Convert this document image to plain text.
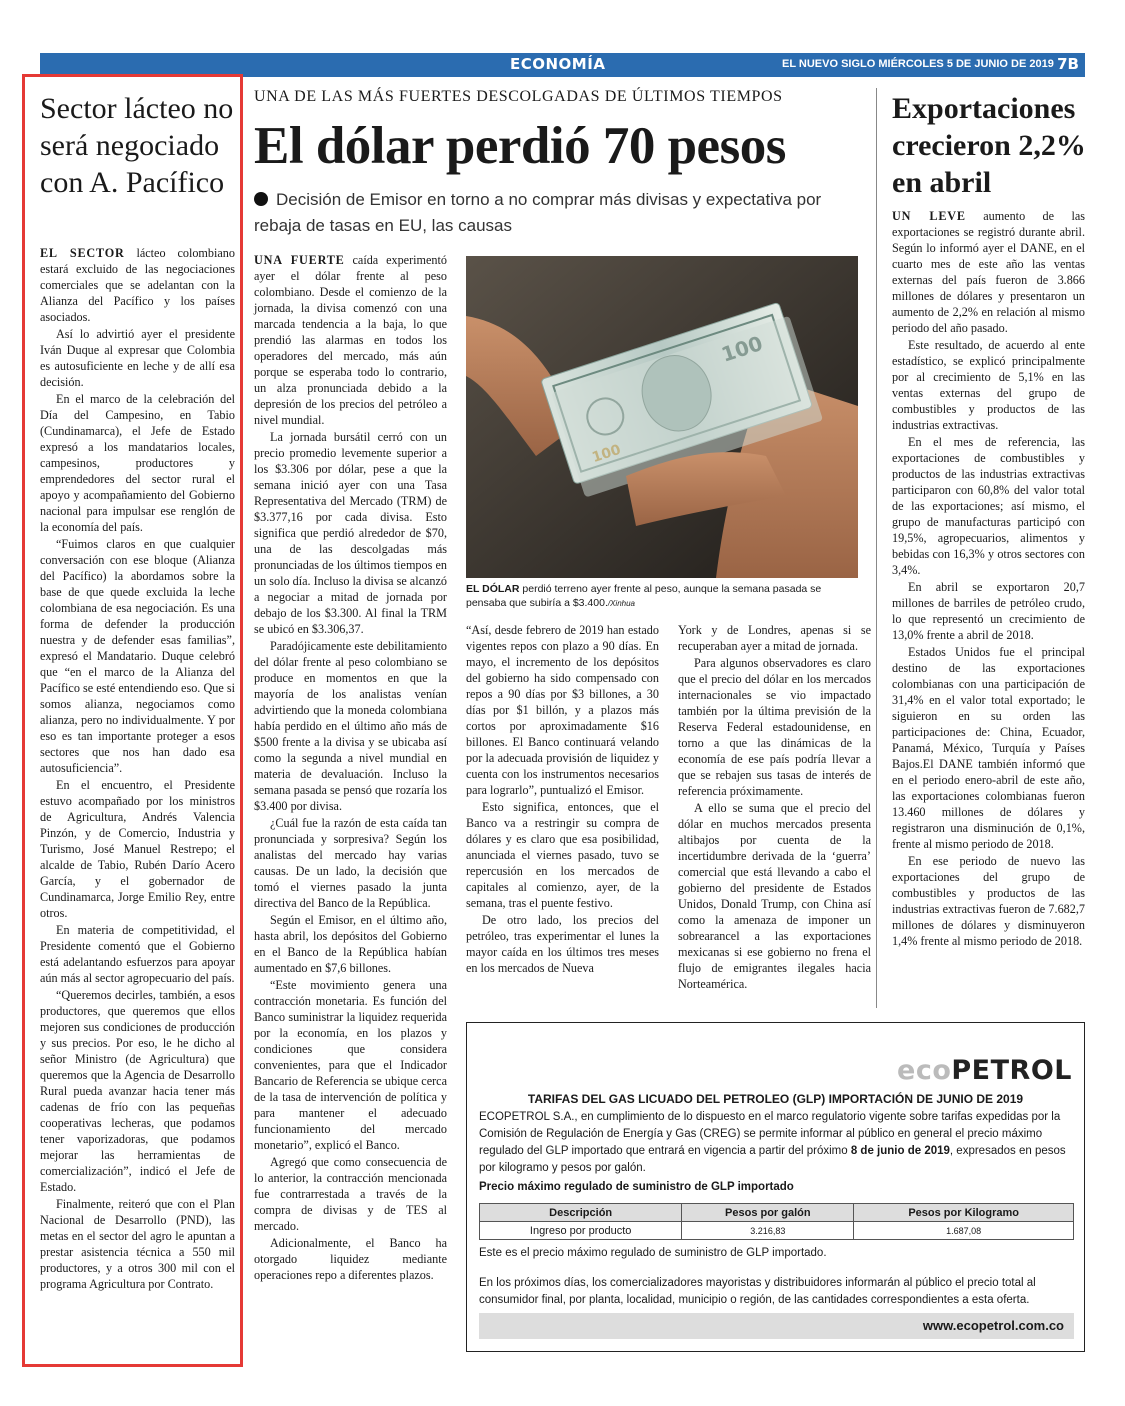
ECONOMÍA	EL NUEVO SIGLO MIÉRCOLES 5 DE JUNIO DE 2019 7B
Sector lácteo no será negociado con A. Pacífico

EL SECTOR lácteo colombiano estará excluido de las negociaciones comerciales que se adelantan con la Alianza del Pacífico y los países asociados.

Así lo advirtió ayer el presidente Iván Duque al expresar que Colombia es autosuficiente en leche y de allí esa decisión.

En el marco de la celebración del Día del Campesino, en Tabio (Cundinamarca), el Jefe de Estado expresó a los mandatarios locales, campesinos, productores y emprendedores del sector rural el apoyo y acompañamiento del Gobierno nacional para impulsar ese renglón de la economía del país.

“Fuimos claros en que cualquier conversación con ese bloque (Alianza del Pacífico) la abordamos sobre la base de que quede excluida la leche colombiana de esa negociación. Es una forma de defender la producción nuestra y de defender esas familias”, expresó el Mandatario. Duque celebró que “en el marco de la Alianza del Pacífico se esté entendiendo eso. Que si somos alianza, negociamos como alianza, pero no individualmente. Y por eso es tan importante proteger a esos sectores que nos han dado esa autosuficiencia”.

En el encuentro, el Presidente estuvo acompañado por los ministros de Agricultura, Andrés Valencia Pinzón, y de Comercio, Industria y Turismo, José Manuel Restrepo; el alcalde de Tabio, Rubén Darío Acero García, y el gobernador de Cundinamarca, Jorge Emilio Rey, entre otros.

En materia de competitividad, el Presidente comentó que el Gobierno está adelantando esfuerzos para apoyar aún más al sector agropecuario del país.

“Queremos decirles, también, a esos productores, que queremos que ellos mejoren sus condiciones de producción y sus precios. Por eso, le he dicho al señor Ministro (de Agricultura) que queremos que la Agencia de Desarrollo Rural pueda avanzar hacia tener más cadenas de frío con las pequeñas cooperativas lecheras, que podamos tener vaporizadoras, que podamos mejorar las herramientas de comercialización”, indicó el Jefe de Estado.

Finalmente, reiteró que con el Plan Nacional de Desarrollo (PND), las metas en el sector del agro le apuntan a prestar asistencia técnica a 550 mil productores, y a otros 300 mil con el programa Agricultura por Contrato.

UNA DE LAS MÁS FUERTES DESCOLGADAS DE ÚLTIMOS TIEMPOS
El dólar perdió 70 pesos
Decisión de Emisor en torno a no comprar más divisas y expectativa por rebaja de tasas en EU, las causas

UNA FUERTE caída experimentó ayer el dólar frente al peso colombiano. Desde el comienzo de la jornada, la divisa comenzó con una marcada tendencia a la baja, lo que prendió las alarmas en todos los operadores del mercado, más aún porque se esperaba todo lo contrario, un alza pronunciada debido a la depresión de los precios del petróleo a nivel mundial.

La jornada bursátil cerró con un precio promedio levemente superior a los $3.306 por dólar, pese a que la semana inició ayer con una Tasa Representativa del Mercado (TRM) de $3.377,16 por cada divisa. Esto significa que perdió alrededor de $70, una de las descolgadas más pronunciadas de los últimos tiempos en un solo día. Incluso la divisa se alcanzó a negociar a mitad de jornada por debajo de los $3.300. Al final la TRM se ubicó en $3.306,37.

Paradójicamente este debilitamiento del dólar frente al peso colombiano se produce en momentos en que la mayoría de los analistas venían advirtiendo que la moneda colombiana había perdido en el último año más de $500 frente a la divisa y se ubicaba así como la segunda a nivel mundial en materia de devaluación. Incluso la semana pasada se pensó que rozaría los $3.400 por divisa.

¿Cuál fue la razón de esta caída tan pronunciada y sorpresiva? Según los analistas del mercado hay varias causas. De un lado, la decisión que tomó el viernes pasado la junta directiva del Banco de la República.

Según el Emisor, en el último año, hasta abril, los depósitos del Gobierno en el Banco de la República habían aumentado en $7,6 billones.

“Este movimiento genera una contracción monetaria. Es función del Banco suministrar la liquidez requerida por la economía, en los plazos y condiciones que considera convenientes, para que el Indicador Bancario de Referencia se ubique cerca de la tasa de intervención de política y para mantener el adecuado funcionamiento del mercado monetario”, explicó el Banco.

Agregó que como consecuencia de lo anterior, la contracción mencionada fue contrarrestada a través de la compra de divisas y de TES al mercado.

Adicionalmente, el Banco ha otorgado liquidez mediante operaciones repo a diferentes plazos.

EL DÓLAR perdió terreno ayer frente al peso, aunque la semana pasada se pensaba que subiría a $3.400./Xinhua

“Así, desde febrero de 2019 han estado vigentes repos con plazo a 90 días. En mayo, el incremento de los depósitos del gobierno ha sido compensado con repos a 90 días por $3 billones, a 30 días por $1 billón, y a plazos más cortos por aproximadamente $16 billones. El Banco continuará velando por la adecuada provisión de liquidez y cuenta con los instrumentos necesarios para lograrlo”, puntualizó el Emisor.

Esto significa, entonces, que el Banco va a restringir su compra de dólares y es claro que esa posibilidad, anunciada el viernes pasado, tuvo se repercusión en los mercados de capitales al comienzo, ayer, de la semana, tras el puente festivo.

De otro lado, los precios del petróleo, tras experimentar el lunes la mayor caída en los últimos tres meses en los mercados de Nueva

York y de Londres, apenas si se recuperaban ayer a mitad de jornada.

Para algunos observadores es claro que el precio del dólar en los mercados internacionales se vio impactado también por la última previsión de la Reserva Federal estadounidense, en torno a que las dinámicas de la economía de ese país podría llevar a que se rebajen sus tasas de interés de referencia próximamente.

A ello se suma que el precio del dólar en muchos mercados presenta altibajos por cuenta de la incertidumbre derivada de la ‘guerra’ comercial que está llevando a cabo el gobierno del presidente de Estados Unidos, Donald Trump, con China así como la amenaza de imponer un sobrearancel a las exportaciones mexicanas si ese gobierno no frena el flujo de emigrantes ilegales hacia Norteamérica.

Exportaciones crecieron 2,2% en abril

UN LEVE aumento de las exportaciones se registró durante abril. Según lo informó ayer el DANE, en el cuarto mes de este año las ventas externas del país fueron de 3.866 millones de dólares y presentaron un aumento de 2,2% en relación al mismo periodo del año pasado.

Este resultado, de acuerdo al ente estadístico, se explicó principalmente por al crecimiento de 5,1% en las ventas externas del grupo de combustibles y productos de las industrias extractivas.

En el mes de referencia, las exportaciones de combustibles y productos de las industrias extractivas participaron con 60,8% del valor total de las exportaciones; así mismo, el grupo de manufacturas participó con 19,5%, agropecuarios, alimentos y bebidas con 16,3% y otros sectores con 3,4%.

En abril se exportaron 20,7 millones de barriles de petróleo crudo, lo que representó un crecimiento de 13,0% frente a abril de 2018.

Estados Unidos fue el principal destino de las exportaciones colombianas con una participación de 31,4% en el valor total exportado; le siguieron en su orden las participaciones de: China, Ecuador, Panamá, México, Turquía y Países Bajos.El DANE también informó que en el periodo enero-abril de este año, las exportaciones colombianas fueron 13.460 millones de dólares y registraron una disminución de 0,1%, frente al mismo periodo de 2018.

En ese periodo de nuevo las exportaciones del grupo de combustibles y productos de las industrias extractivas fueron de 7.682,7 millones de dólares y disminuyeron 1,4% frente al mismo periodo de 2018.

ecoPETROL
TARIFAS DEL GAS LICUADO DEL PETROLEO (GLP) IMPORTACIÓN DE JUNIO DE 2019
ECOPETROL S.A., en cumplimiento de lo dispuesto en el marco regulatorio vigente sobre tarifas expedidas por la Comisión de Regulación de Energía y Gas (CREG) se permite informar al público en general el precio máximo regulado del GLP importado que entrará en vigencia a partir del próximo 8 de junio de 2019, expresados en pesos por kilogramo y pesos por galón.
Precio máximo regulado de suministro de GLP importado
Descripción	Pesos por galón	Pesos por Kilogramo
Ingreso por producto	3.216,83	1.687,08
Este es el precio máximo regulado de suministro de GLP importado.
En los próximos días, los comercializadores mayoristas y distribuidores informarán al público el precio total al consumidor final, por planta, localidad, municipio o región, de las cantidades correspondientes a esta oferta.
www.ecopetrol.com.co
